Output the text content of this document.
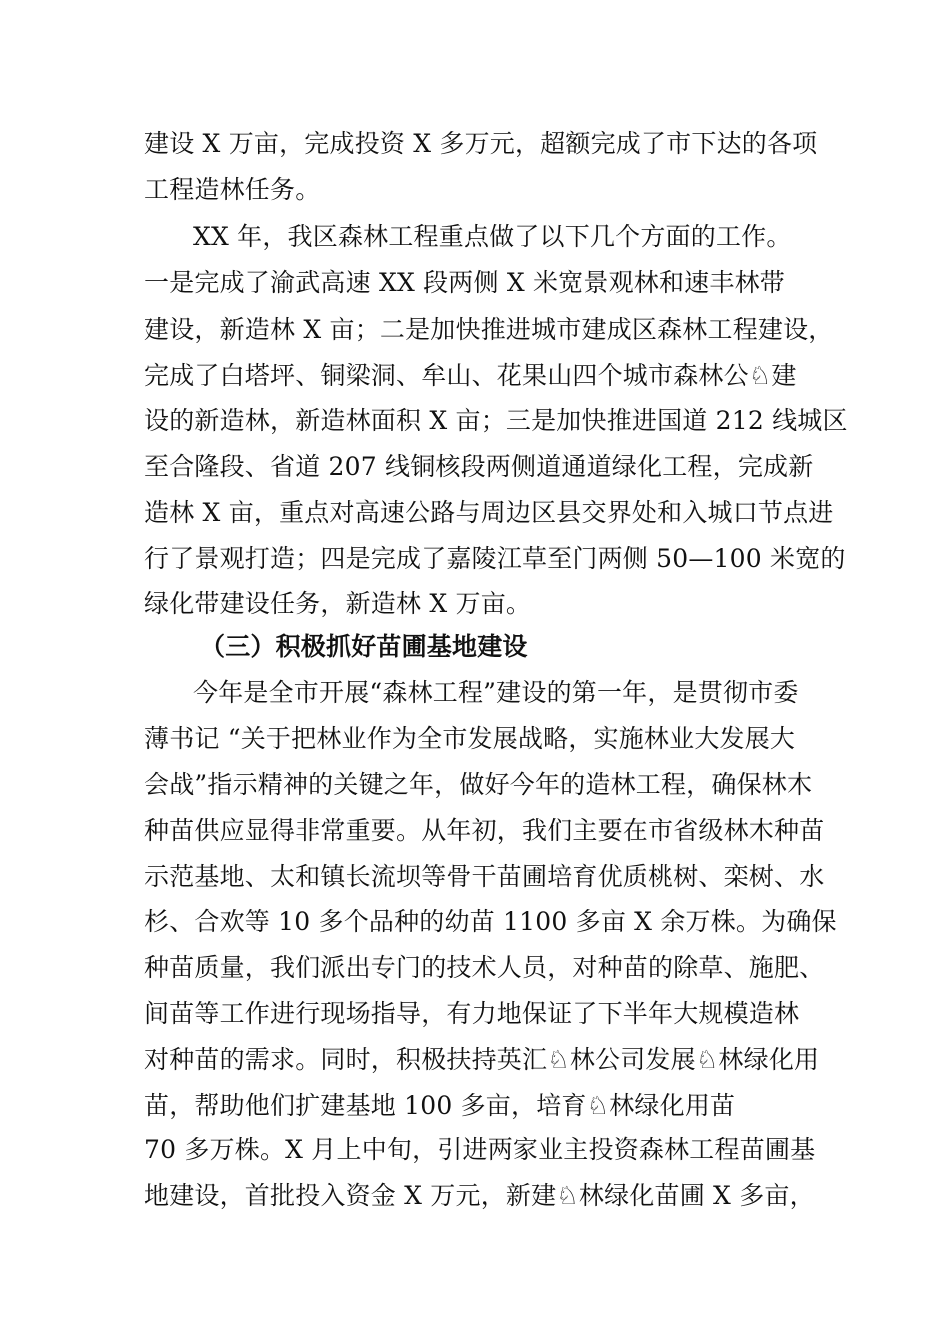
建设 X 万亩，完成投资 X 多万元，超额完成了市下达的各项
工程造林任务。
XX 年，我区森林工程重点做了以下几个方面的工作。
一是完成了渝武高速 XX 段两侧 X 米宽景观林和速丰林带
建设，新造林 X 亩；二是加快推进城市建成区森林工程建设，
完成了白塔坪、铜梁洞、牟山、花果山四个城市森林公♘建
设的新造林，新造林面积 X 亩；三是加快推进国道 212 线城区
至合隆段、省道 207 线铜核段两侧道通道绿化工程，完成新
造林 X 亩，重点对高速公路与周边区县交界处和入城口节点进
行了景观打造；四是完成了嘉陵江草至门两侧 50—100 米宽的
绿化带建设任务，新造林 X 万亩。
（三）积极抓好苗圃基地建设
今年是全市开展“森林工程”建设的第一年，是贯彻市委
薄书记 “关于把林业作为全市发展战略，实施林业大发展大
会战”指示精神的关键之年，做好今年的造林工程，确保林木
种苗供应显得非常重要。从年初，我们主要在市省级林木种苗
示范基地、太和镇长流坝等骨干苗圃培育优质桃树、栾树、水
杉、合欢等 10 多个品种的幼苗 1100 多亩 X 余万株。为确保
种苗质量，我们派出专门的技术人员，对种苗的除草、施肥、
间苗等工作进行现场指导，有力地保证了下半年大规模造林
对种苗的需求。同时，积极扶持英汇♘林公司发展♘林绿化用
苗，帮助他们扩建基地 100 多亩，培育♘林绿化用苗
70 多万株。X 月上中旬，引进两家业主投资森林工程苗圃基
地建设，首批投入资金 X 万元，新建♘林绿化苗圃 X 多亩，
